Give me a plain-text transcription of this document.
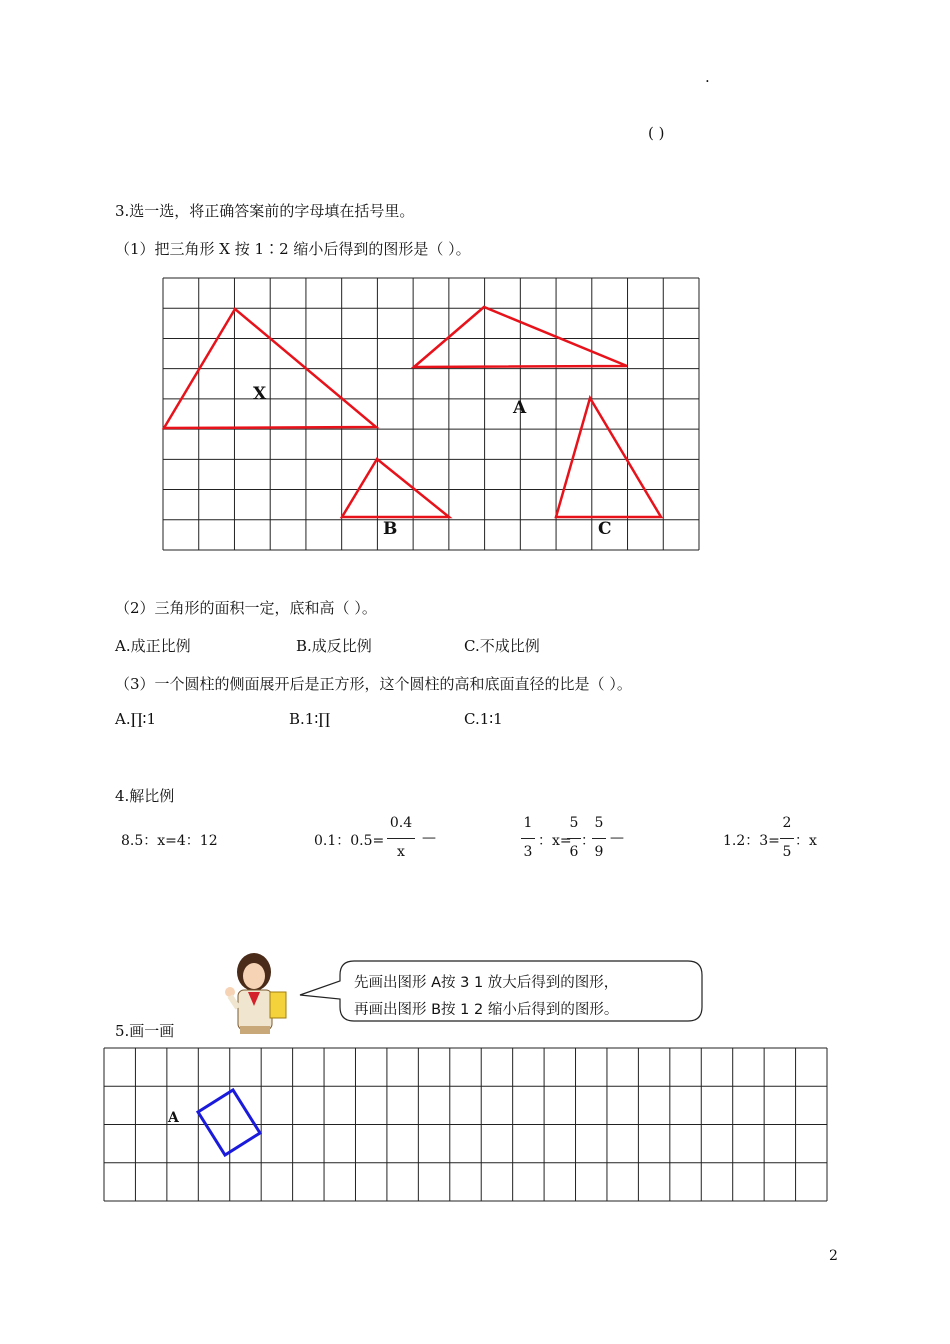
.
( )
3.选一选，将正确答案前的字母填在括号里。
（1）把三角形 X 按 1∶2 缩小后得到的图形是（ ）。
X
A
B	C
（2）三角形的面积一定，底和高（ ）。
A.成正比例	B.成反比例	C.不成比例
（3）一个圆柱的侧面展开后是正方形，这个圆柱的高和底面直径的比是（ ）。
A.∏∶1	B.1∶∏	C.1∶1
4.解比例
8.5：x=4：12	0.1：0.5=
0.4
x
—
1
3
：x=
5
6
：
5
9
—	1.2：3=
2
5
：x
先画出图形 A按 3 1 放大后得到的图形，
再画出图形 B按 1 2 缩小后得到的图形。
5.画一画
A
2
